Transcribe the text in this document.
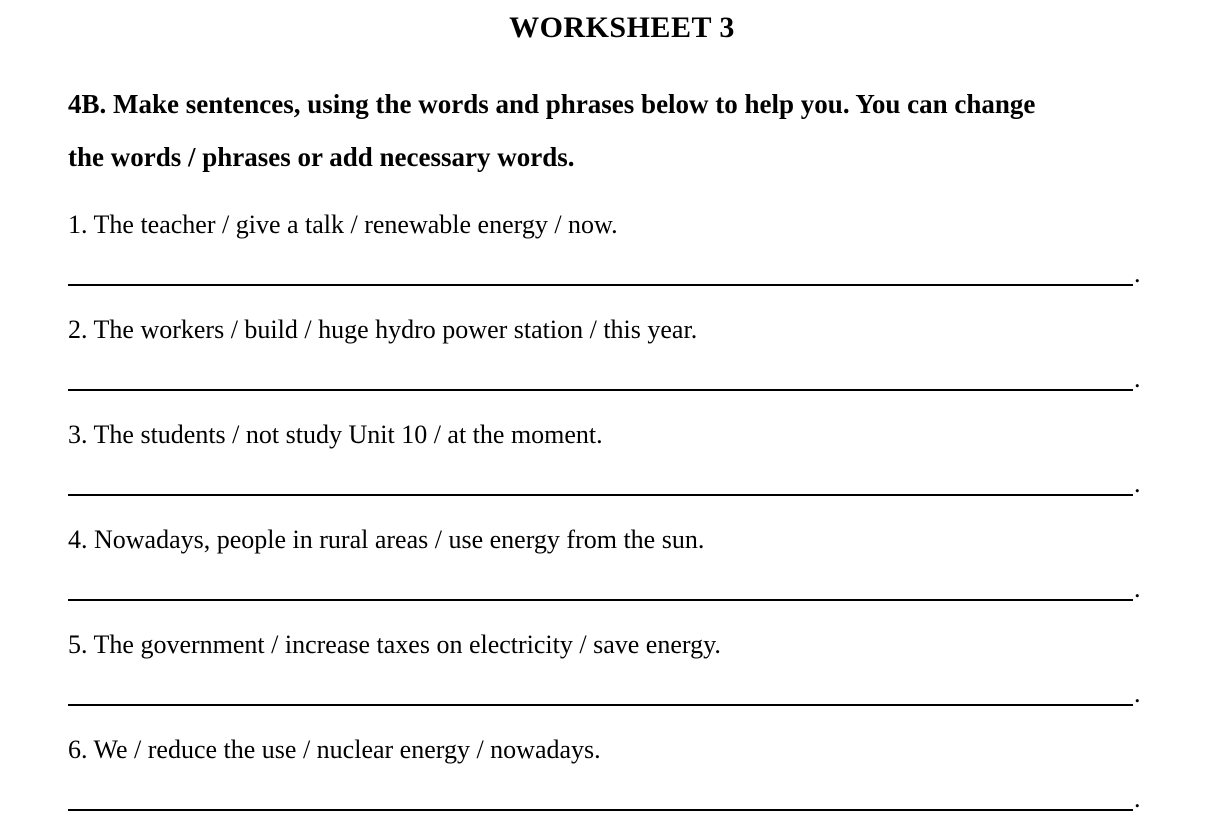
WORKSHEET 3
4B. Make sentences, using the words and phrases below to help you. You can change
the words / phrases or add necessary words.
1. The teacher / give a talk / renewable energy / now.
.
2. The workers / build / huge hydro power station / this year.
.
3. The students / not study Unit 10 / at the moment.
.
4. Nowadays, people in rural areas / use energy from the sun.
.
5. The government / increase taxes on electricity / save energy.
.
6. We / reduce the use / nuclear energy / nowadays.
.
